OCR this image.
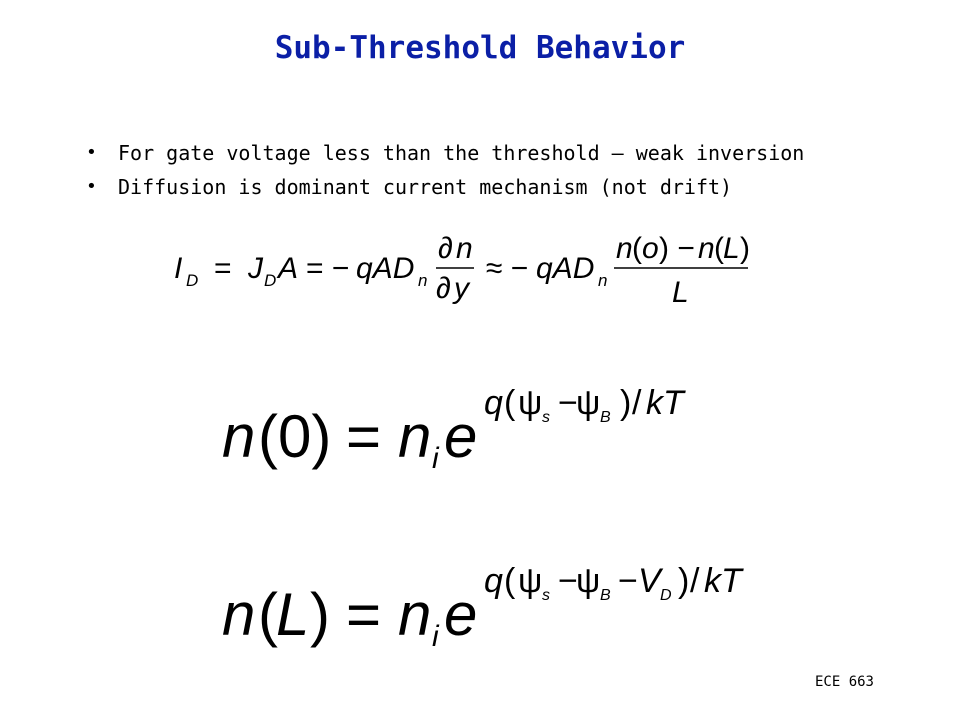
Sub-Threshold Behavior
• For gate voltage less than the threshold – weak inversion
• Diffusion is dominant current mechanism (not drift)
I D = J D A = − qAD n
∂ n
∂ y
≈ − qAD n
n ( o ) − n ( L )
L
n (0) = n i e q ( ψ s −
ψ B ) / kT
n (
L ) = n i e q ( ψ s −
ψ B − V D ) / kT
ECE 663
